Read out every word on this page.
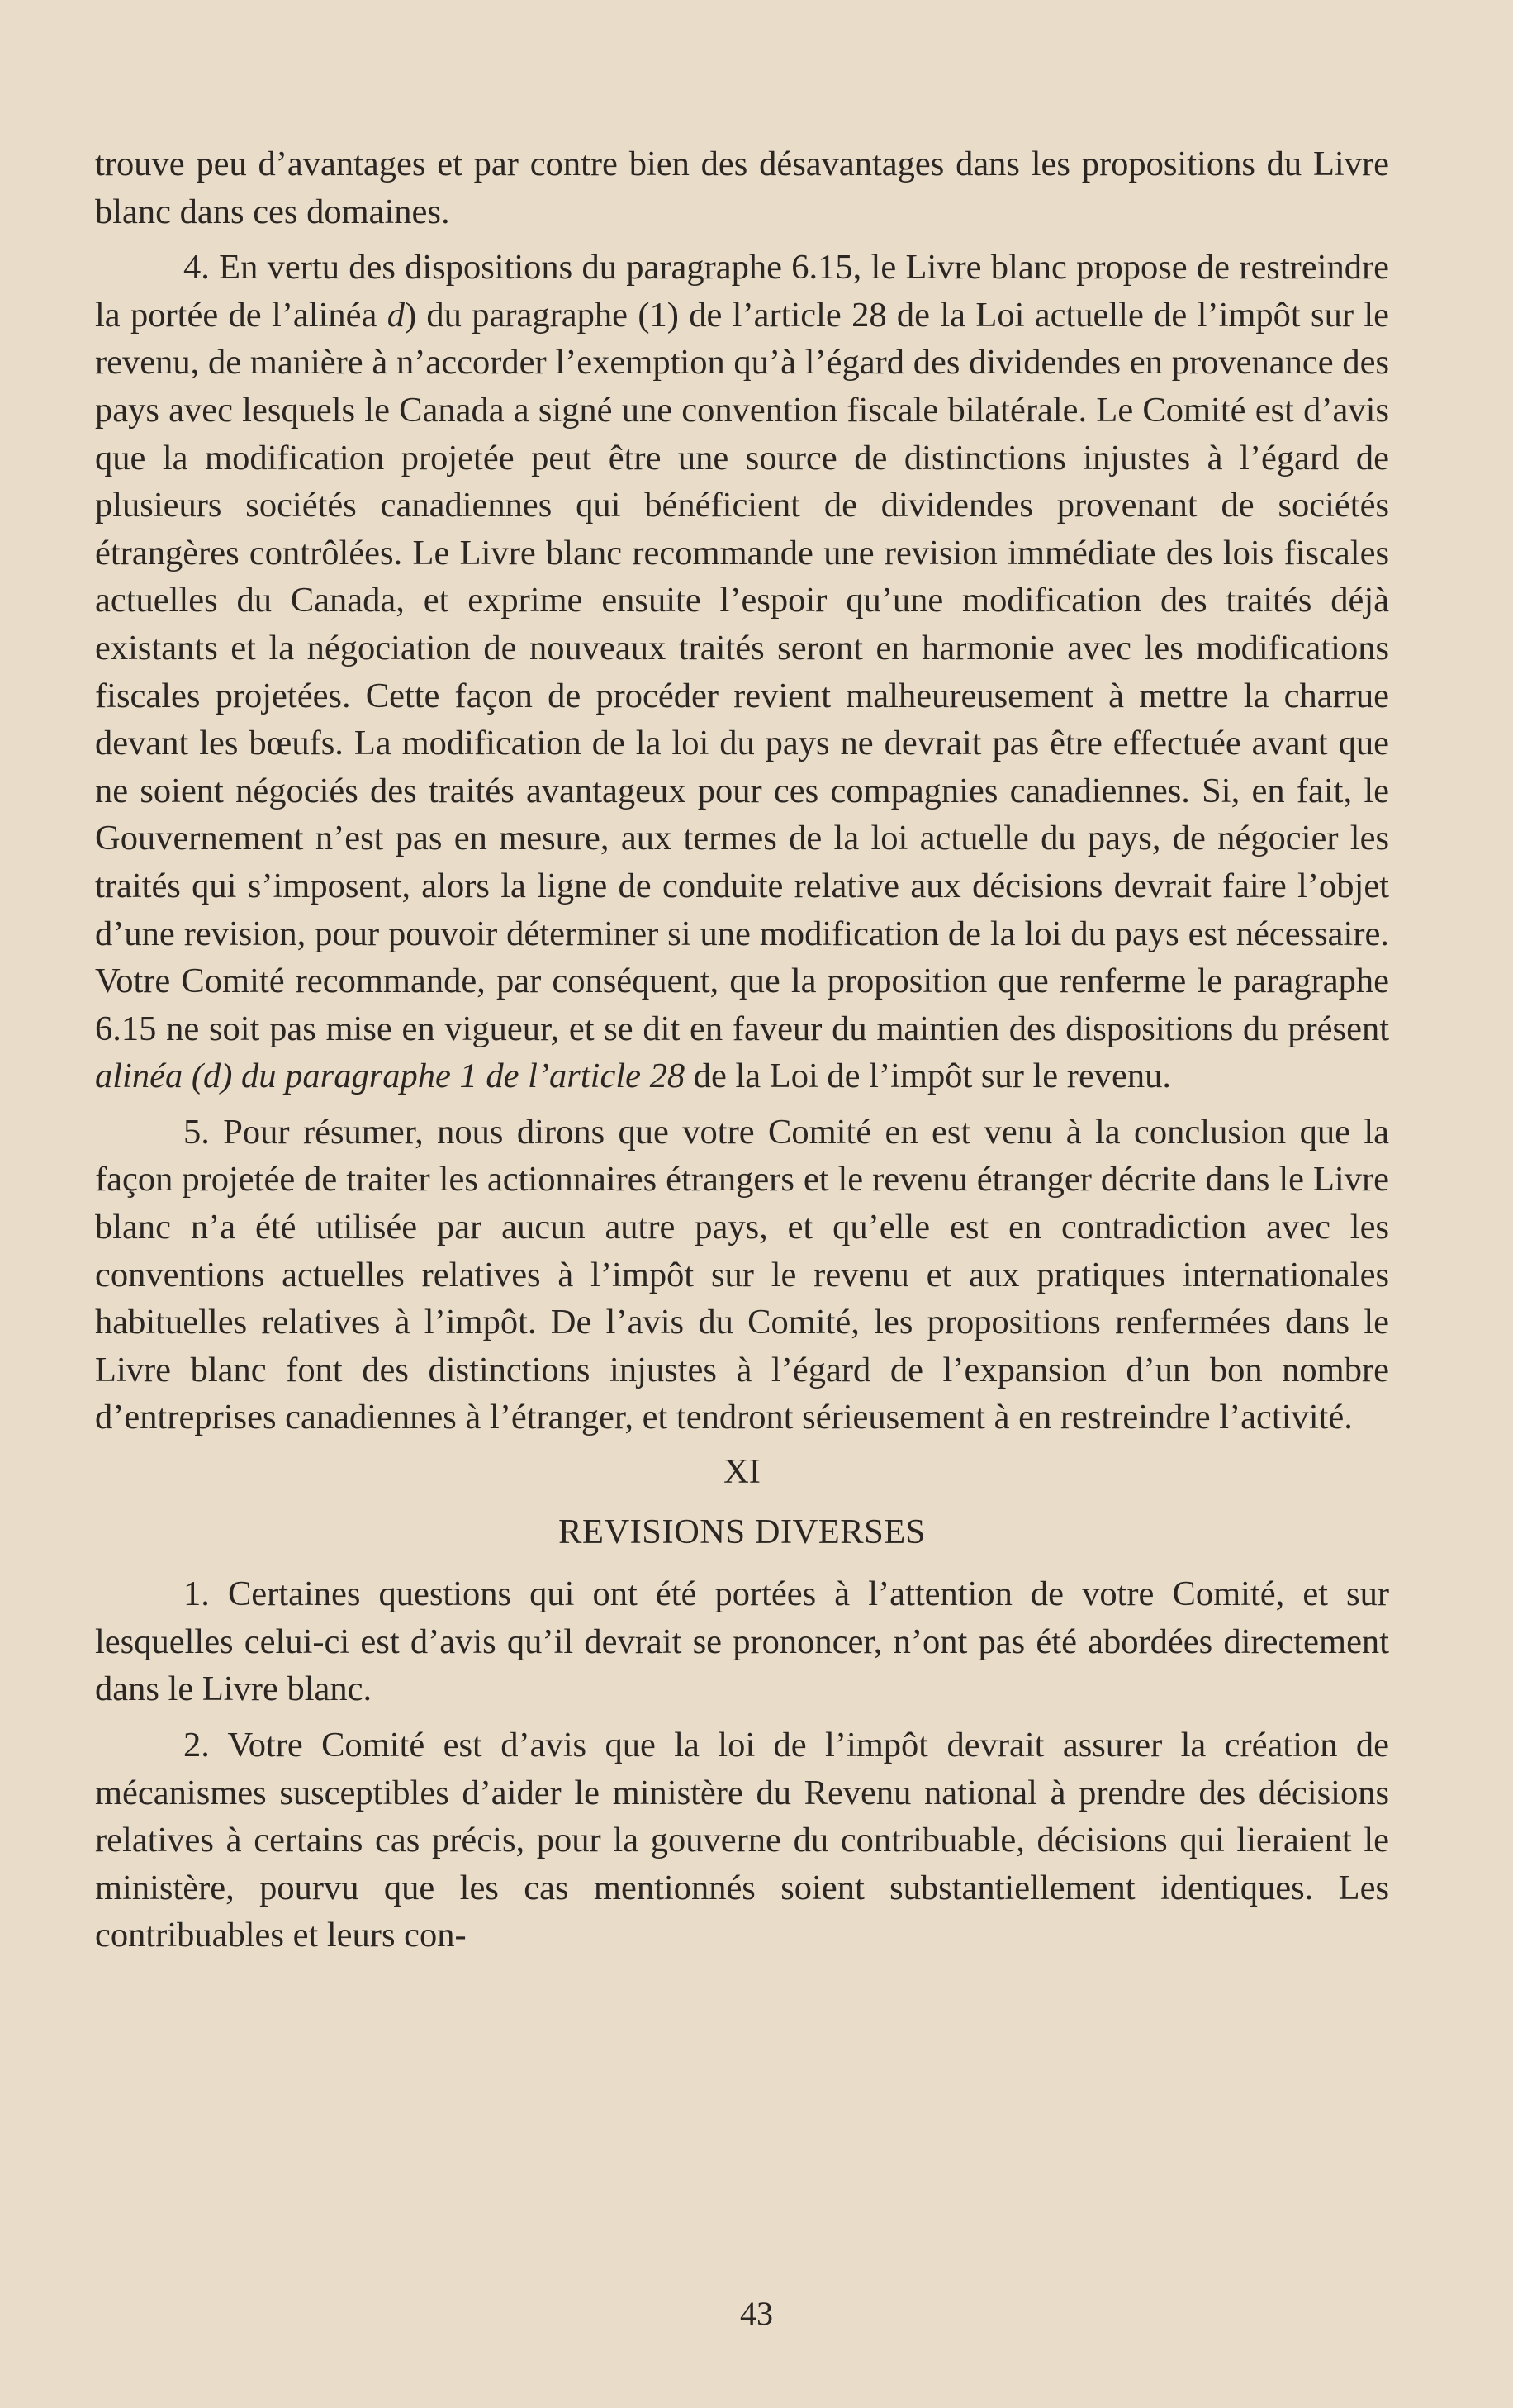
trouve peu d’avantages et par contre bien des désavantages dans les propositions du Livre blanc dans ces domaines.

4. En vertu des dispositions du paragraphe 6.15, le Livre blanc propose de restreindre la portée de l’alinéa d) du paragraphe (1) de l’article 28 de la Loi actuelle de l’impôt sur le revenu, de manière à n’accorder l’exemption qu’à l’égard des dividendes en provenance des pays avec lesquels le Canada a signé une convention fiscale bilatérale. Le Comité est d’avis que la modification projetée peut être une source de distinctions injustes à l’égard de plusieurs sociétés canadiennes qui bénéficient de dividendes provenant de sociétés étrangères contrôlées. Le Livre blanc recommande une revision immédiate des lois fiscales actuelles du Canada, et exprime ensuite l’espoir qu’une modification des traités déjà existants et la négociation de nouveaux traités seront en harmonie avec les modifications fiscales projetées. Cette façon de procéder revient malheureusement à mettre la charrue devant les bœufs. La modification de la loi du pays ne devrait pas être effectuée avant que ne soient négociés des traités avantageux pour ces compagnies canadiennes. Si, en fait, le Gouvernement n’est pas en mesure, aux termes de la loi actuelle du pays, de négocier les traités qui s’imposent, alors la ligne de conduite relative aux décisions devrait faire l’objet d’une revision, pour pouvoir déterminer si une modification de la loi du pays est nécessaire. Votre Comité recommande, par conséquent, que la proposition que renferme le paragraphe 6.15 ne soit pas mise en vigueur, et se dit en faveur du maintien des dispositions du présent alinéa (d) du paragraphe 1 de l’article 28 de la Loi de l’impôt sur le revenu.

5. Pour résumer, nous dirons que votre Comité en est venu à la conclusion que la façon projetée de traiter les actionnaires étrangers et le revenu étranger décrite dans le Livre blanc n’a été utilisée par aucun autre pays, et qu’elle est en contradiction avec les conventions actuelles relatives à l’impôt sur le revenu et aux pratiques internationales habituelles relatives à l’impôt. De l’avis du Comité, les propositions renfermées dans le Livre blanc font des distinctions injustes à l’égard de l’expansion d’un bon nombre d’entreprises canadiennes à l’étranger, et tendront sérieusement à en restreindre l’activité.

XI

REVISIONS DIVERSES

1. Certaines questions qui ont été portées à l’attention de votre Comité, et sur lesquelles celui-ci est d’avis qu’il devrait se prononcer, n’ont pas été abordées directement dans le Livre blanc.

2. Votre Comité est d’avis que la loi de l’impôt devrait assurer la création de mécanismes susceptibles d’aider le ministère du Revenu national à prendre des décisions relatives à certains cas précis, pour la gouverne du contribuable, décisions qui lieraient le ministère, pourvu que les cas mentionnés soient substantiellement identiques. Les contribuables et leurs con-

43
